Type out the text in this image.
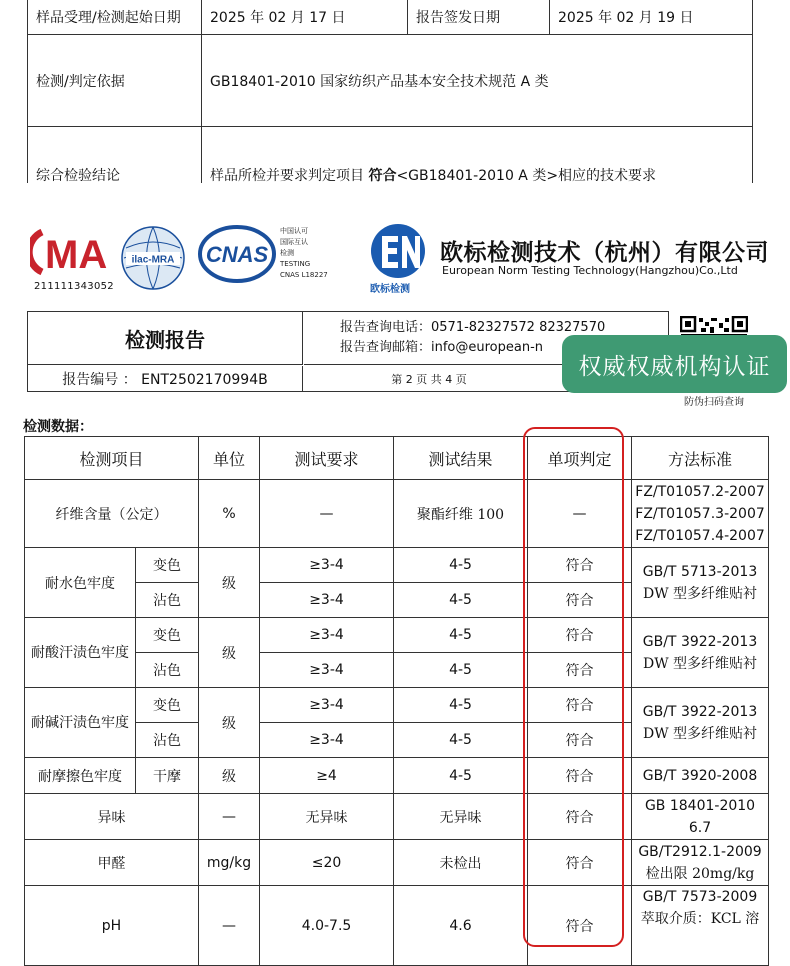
样品受理/检测起始日期	2025 年 02 月 17 日	报告签发日期	2025 年 02 月 19 日
检测/判定依据	GB18401-2010 国家纺织产品基本安全技术规范 A 类		
综合检验结论	样品所检并要求判定项目 符合<GB18401-2010 A 类>相应的技术要求		
MA
211111343052
ilac-MRA CNAS
中国认可
国际互认
检测
TESTING
CNAS L18227
欧标检测
欧标检测技术（杭州）有限公司
European Norm Testing Technology(Hangzhou)Co.,Ltd
检测报告	报告查询电话：0571-82327572 82327570
报告查询邮箱：info@european-n
报告编号 ： ENT2502170994B	第 2 页 共 4 页
防伪扫码查询
权威权威机构认证
检测数据：
检测项目		单位	测试要求	测试结果	单项判定	方法标准
纤维含量（公定）		%	—	聚酯纤维 100	—	FZ/T01057.2-2007
FZ/T01057.3-2007
FZ/T01057.4-2007

耐水色牢度	变色	级	≥3-4	4-5	符合	GB/T 5713-2013
DW 型多纤维贴衬

	沾色		≥3-4	4-5	符合	
耐酸汗渍色牢度	变色	级	≥3-4	4-5	符合	GB/T 3922-2013
DW 型多纤维贴衬

	沾色		≥3-4	4-5	符合	
耐碱汗渍色牢度	变色	级	≥3-4	4-5	符合	GB/T 3922-2013
DW 型多纤维贴衬

	沾色		≥3-4	4-5	符合	
耐摩擦色牢度	干摩	级	≥4	4-5	符合	GB/T 3920-2008
异味		—	无异味	无异味	符合	GB 18401-2010
6.7

甲醛		mg/kg	≤20	未检出	符合	GB/T2912.1-2009
检出限 20mg/kg

pH		—	4.0-7.5	4.6	符合	GB/T 7573-2009
萃取介质：KCL 溶
